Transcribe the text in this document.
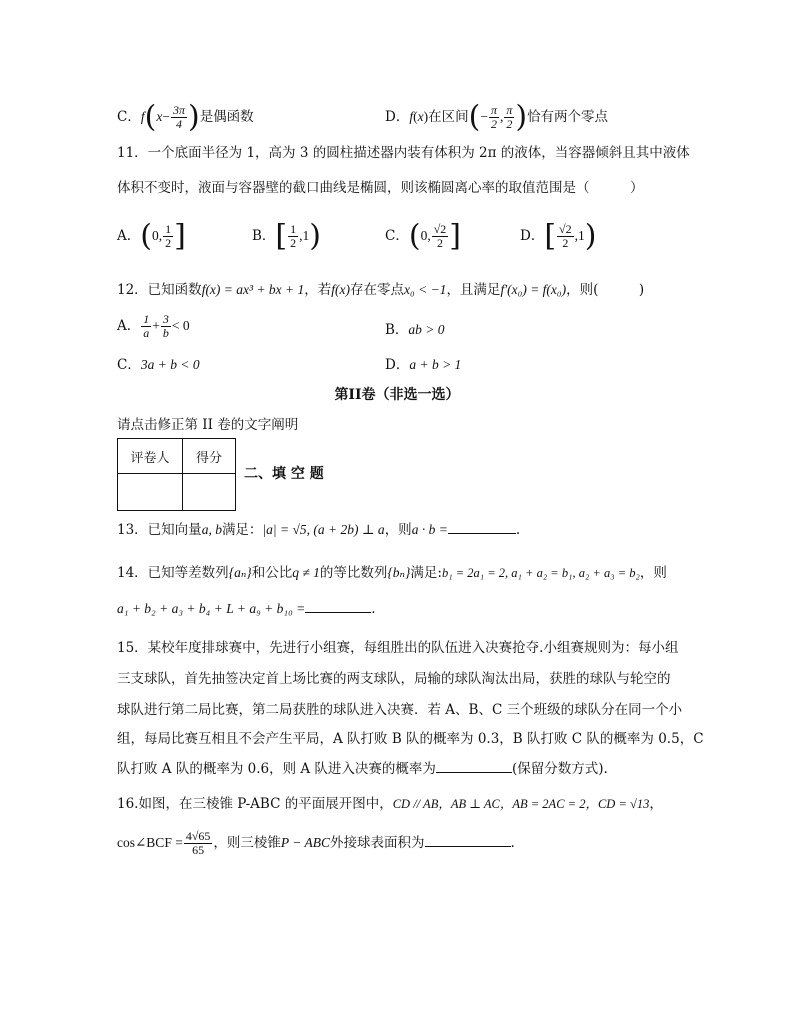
C．$f(x- \frac{3\pi}{4}$ )是偶函数	D．f(x)在区间(− $\frac{\pi}{2}$ , $\frac{\pi}{2}$ )恰有两个零点
11．一个底面半径为 1，高为 3 的圆柱描述器内装有体积为 2π 的液体，当容器倾斜且其中液体
体积不变时，液面与容器壁的截口曲线是椭圆，则该椭圆离心率的取值范围是（　　　）
A．(0, $\frac{1}{2}$ ]	B．[ $\frac{1}{2} ,1$)	C．(0, $\frac{√2}{2}$ ]	D．[ $\frac{√2}{2} ,1$)
12．已知函数f(x) = ax³ + bx + 1，若f(x)存在零点x₀ < −1，且满足f′(x₀) = f(x₀)，则(　　　)
A． $\frac{1}{a} + \frac{3}{b} < 0$	B．ab > 0
C．3a + b < 0	D．a + b > 1
第II卷（非选一选）
请点击修正第 II 卷的文字阐明
评卷人	得分

二、填 空 题
13．已知向量a, b满足：|a| = √5, (a + 2b) ⊥ a，则a · b =	.
14．已知等差数列{aₙ}和公比q ≠ 1的等比数列{bₙ}满足:b₁ = 2a₁ = 2, a₁ + a₂ = b₁, a₂ + a₃ = b₂，则
a₁ + b₂ + a₃ + b₄ + L + a₉ + b₁₀ =	.
15．某校年度排球赛中，先进行小组赛，每组胜出的队伍进入决赛抢夺.小组赛规则为：每小组
三支球队，首先抽签决定首上场比赛的两支球队，局输的球队淘汰出局，获胜的球队与轮空的
球队进行第二局比赛，第二局获胜的球队进入决赛．若 A、B、C 三个班级的球队分在同一个小
组，每局比赛互相且不会产生平局，A 队打败 B 队的概率为 0.3，B 队打败 C 队的概率为 0.5，C
队打败 A 队的概率为 0.6，则 A 队进入决赛的概率为	(保留分数方式).
16.如图，在三棱锥 P-ABC 的平面展开图中，CD // AB，AB ⊥ AC，AB = 2AC = 2，CD = √13，
cos∠BCF = $\frac{4√65}{65}$ ，则三棱锥P − ABC外接球表面积为	.
